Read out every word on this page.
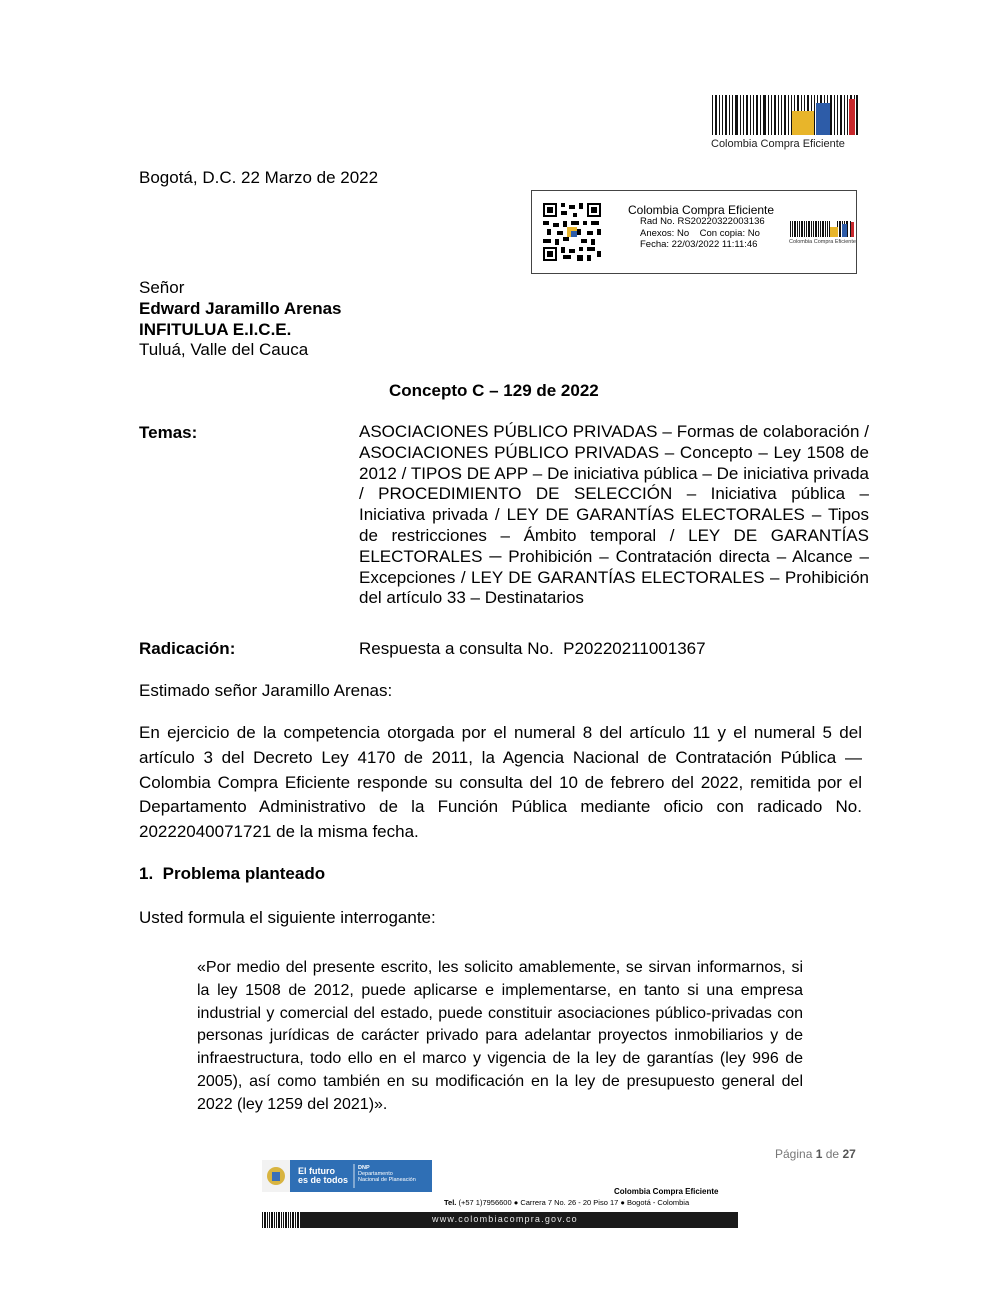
Colombia Compra Eficiente
Colombia Compra Eficiente
Rad No. RS20220322003136
Anexos: No    Con copia: No
Fecha: 22/03/2022 11:11:46	Colombia Compra Eficiente
Bogotá, D.C. 22 Marzo de 2022
Señor
Edward Jaramillo Arenas
INFITULUA E.I.C.E.
Tuluá, Valle del Cauca
Concepto C – 129 de 2022
Temas:	ASOCIACIONES PÚBLICO PRIVADAS – Formas de colaboración / ASOCIACIONES PÚBLICO PRIVADAS – Concepto – Ley 1508 de 2012 / TIPOS DE APP – De iniciativa pública – De iniciativa privada / PROCEDIMIENTO DE SELECCIÓN – Iniciativa pública – Iniciativa privada / LEY DE GARANTÍAS ELECTORALES – Tipos de restricciones – Ámbito temporal / LEY DE GARANTÍAS ELECTORALES ─ Prohibición – Contratación directa – Alcance – Excepciones / LEY DE GARANTÍAS ELECTORALES – Prohibición del artículo 33 – Destinatarios
Radicación:	Respuesta a consulta No.  P20220211001367
Estimado señor Jaramillo Arenas:
En ejercicio de la competencia otorgada por el numeral 8 del artículo 11 y el numeral 5 del artículo 3 del Decreto Ley 4170 de 2011, la Agencia Nacional de Contratación Pública ― Colombia Compra Eficiente responde su consulta del 10 de febrero del 2022, remitida por el Departamento Administrativo de la Función Pública mediante oficio con radicado No. 20222040071721 de la misma fecha.
1.  Problema planteado
Usted formula el siguiente interrogante:
«Por medio del presente escrito, les solicito amablemente, se sirvan informarnos, si la ley 1508 de 2012, puede aplicarse e implementarse, en tanto si una empresa industrial y comercial del estado, puede constituir asociaciones público-privadas con personas jurídicas de carácter privado para adelantar proyectos inmobiliarios y de infraestructura, todo ello en el marco y vigencia de la ley de garantías (ley 996 de 2005), así como también en su modificación en la ley de presupuesto general del 2022 (ley 1259 del 2021)».
Página 1 de 27
El futuro
es de todos
DNP
Departamento
Nacional de Planeación
Colombia Compra Eficiente
Tel. (+57 1)7956600 ● Carrera 7 No. 26 - 20 Piso 17 ● Bogotá - Colombia
www.colombiacompra.gov.co
